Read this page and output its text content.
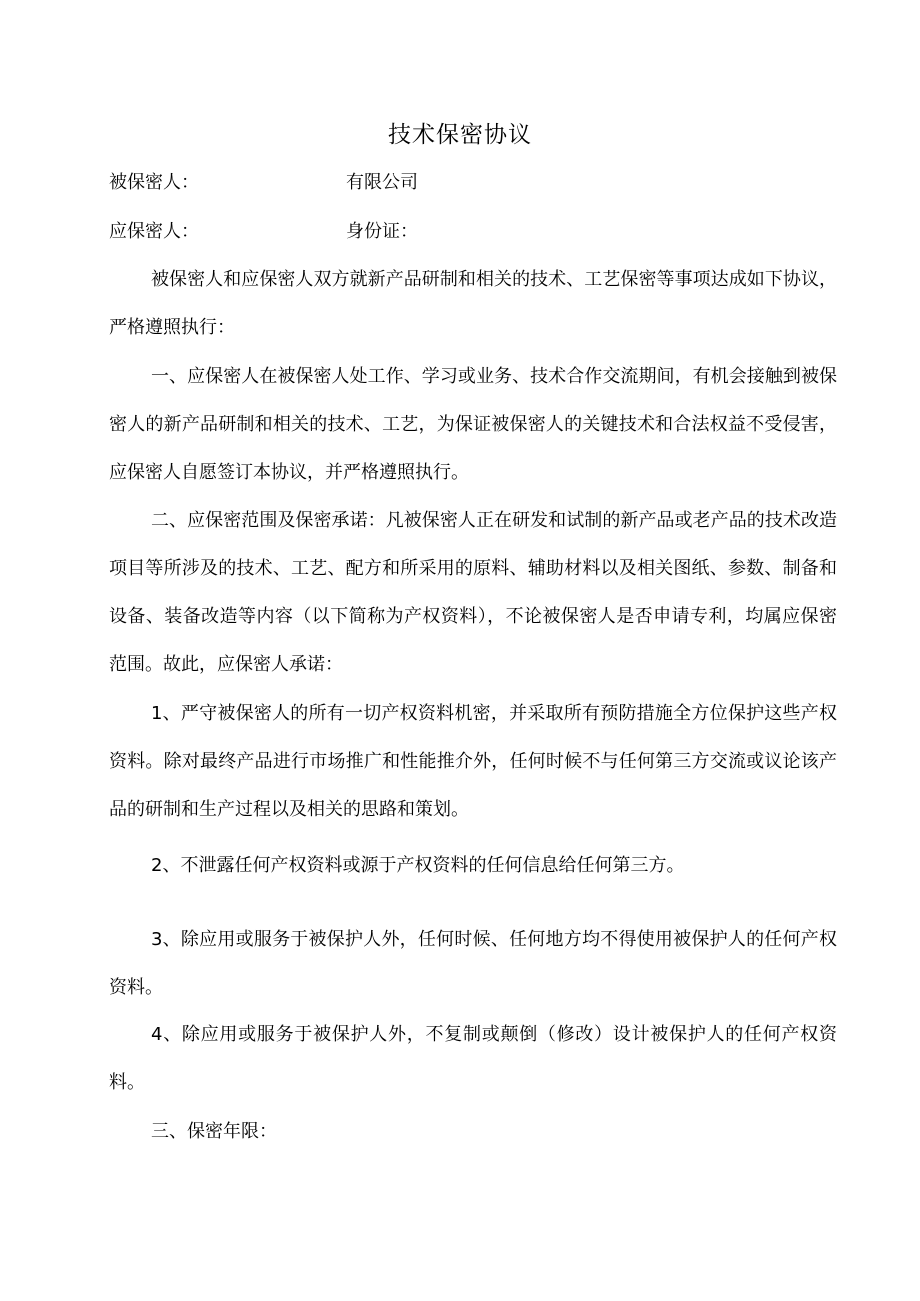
技术保密协议
被保密人：	有限公司
应保密人：	身份证：

被保密人和应保密人双方就新产品研制和相关的技术、工艺保密等事项达成如下协议，严格遵照执行：

一、应保密人在被保密人处工作、学习或业务、技术合作交流期间，有机会接触到被保密人的新产品研制和相关的技术、工艺，为保证被保密人的关键技术和合法权益不受侵害，应保密人自愿签订本协议，并严格遵照执行。

二、应保密范围及保密承诺：凡被保密人正在研发和试制的新产品或老产品的技术改造项目等所涉及的技术、工艺、配方和所采用的原料、辅助材料以及相关图纸、参数、制备和设备、装备改造等内容（以下简称为产权资料），不论被保密人是否申请专利，均属应保密范围。故此，应保密人承诺：

1、严守被保密人的所有一切产权资料机密，并采取所有预防措施全方位保护这些产权资料。除对最终产品进行市场推广和性能推介外，任何时候不与任何第三方交流或议论该产品的研制和生产过程以及相关的思路和策划。

2、不泄露任何产权资料或源于产权资料的任何信息给任何第三方。

3、除应用或服务于被保护人外，任何时候、任何地方均不得使用被保护人的任何产权资料。

4、除应用或服务于被保护人外，不复制或颠倒（修改）设计被保护人的任何产权资料。

三、保密年限：
